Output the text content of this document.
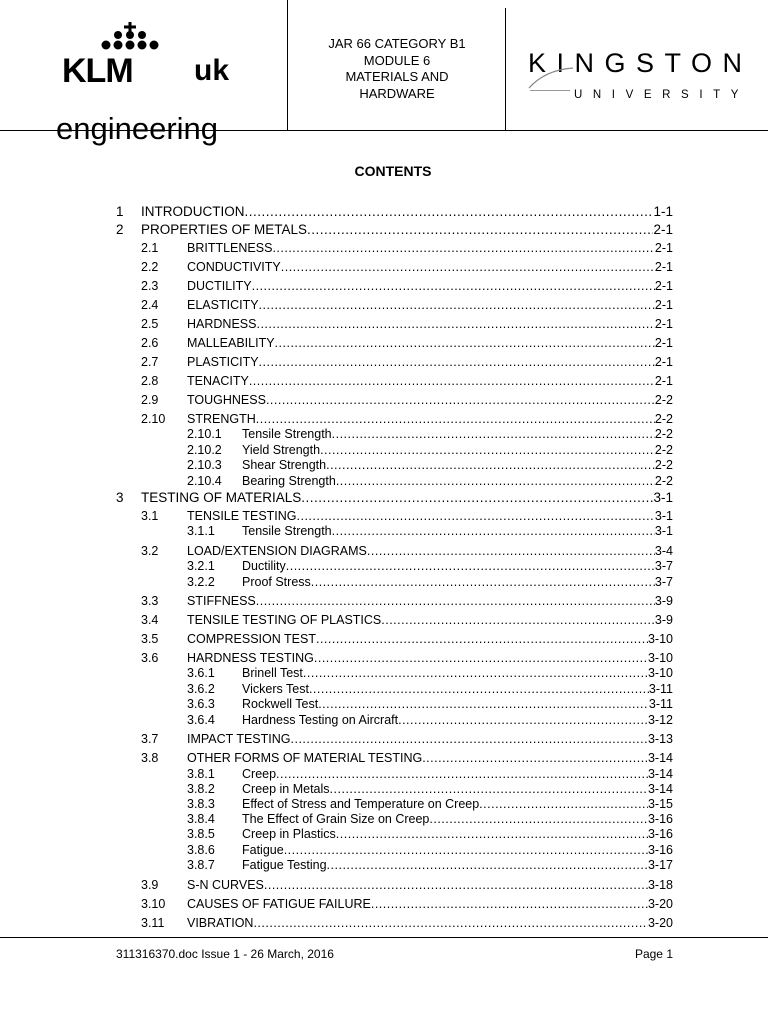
KLM uk
engineering
JAR 66 CATEGORY B1
MODULE 6
MATERIALS AND
HARDWARE
KINGSTON
UNIVERSITY
CONTENTS
1 INTRODUCTION .....	1-1
2 PROPERTIES OF METALS .....	2-1
2.1 BRITTLENESS .....	2-1
2.2 CONDUCTIVITY .....	2-1
2.3 DUCTILITY .....	2-1
2.4 ELASTICITY .....	2-1
2.5 HARDNESS .....	2-1
2.6 MALLEABILITY .....	2-1
2.7 PLASTICITY .....	2-1
2.8 TENACITY .....	2-1
2.9 TOUGHNESS .....	2-2
2.10 STRENGTH .....	2-2
2.10.1 Tensile Strength .....	2-2
2.10.2 Yield Strength .....	2-2
2.10.3 Shear Strength .....	2-2
2.10.4 Bearing Strength .....	2-2
3 TESTING OF MATERIALS .....	3-1
3.1 TENSILE TESTING .....	3-1
3.1.1 Tensile Strength .....	3-1
3.2 LOAD/EXTENSION DIAGRAMS .....	3-4
3.2.1 Ductility .....	3-7
3.2.2 Proof Stress .....	3-7
3.3 STIFFNESS .....	3-9
3.4 TENSILE TESTING OF PLASTICS .....	3-9
3.5 COMPRESSION TEST .....	3-10
3.6 HARDNESS TESTING .....	3-10
3.6.1 Brinell Test .....	3-10
3.6.2 Vickers Test .....	3-11
3.6.3 Rockwell Test .....	3-11
3.6.4 Hardness Testing on Aircraft .....	3-12
3.7 IMPACT TESTING .....	3-13
3.8 OTHER FORMS OF MATERIAL TESTING .....	3-14
3.8.1 Creep .....	3-14
3.8.2 Creep in Metals .....	3-14
3.8.3 Effect of Stress and Temperature on Creep .....	3-15
3.8.4 The Effect of Grain Size on Creep .....	3-16
3.8.5 Creep in Plastics .....	3-16
3.8.6 Fatigue .....	3-16
3.8.7 Fatigue Testing .....	3-17
3.9 S-N CURVES .....	3-18
3.10 CAUSES OF FATIGUE FAILURE .....	3-20
3.11 VIBRATION .....	3-20
311316370.doc Issue 1 - 26 March, 2016	Page 1
